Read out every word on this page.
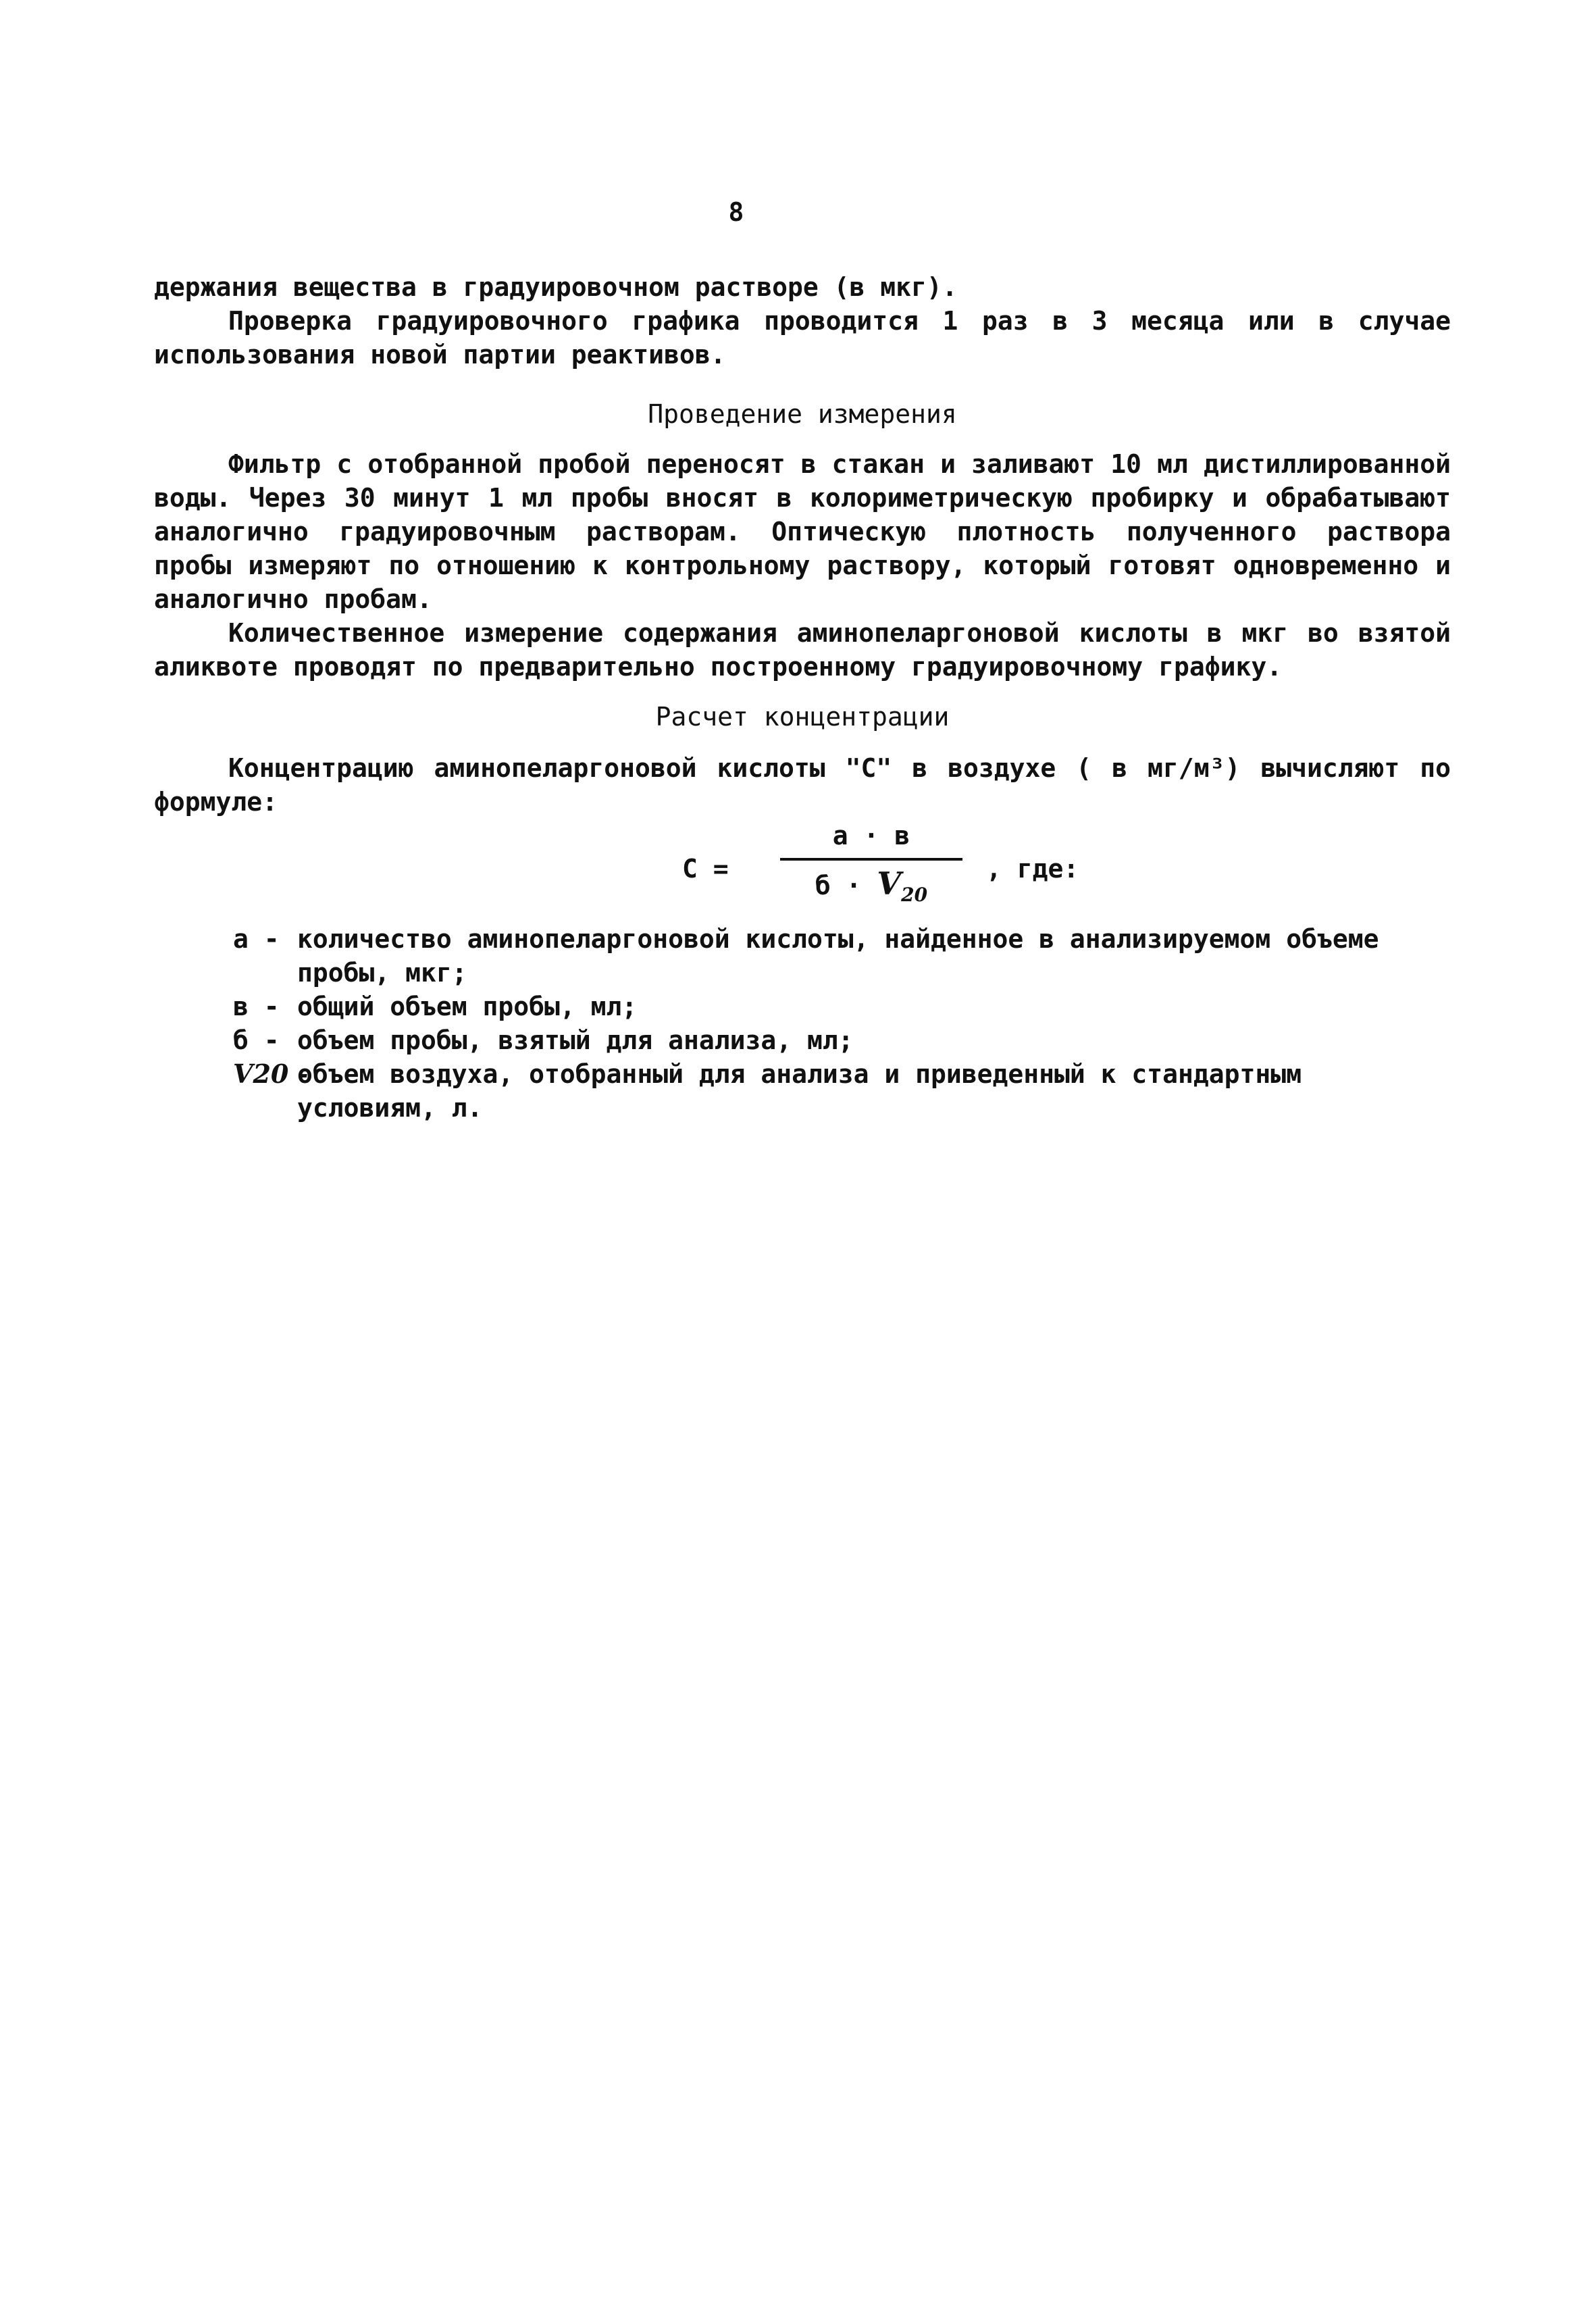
8

держания вещества в градуировочном растворе (в мкг).

Проверка градуировочного графика проводится 1 раз в 3 месяца или в случае использования новой партии реактивов.

Проведение измерения

Фильтр с отобранной пробой переносят в стакан и заливают 10 мл дистиллированной воды. Через 30 минут 1 мл пробы вносят в колориметрическую пробирку и обрабатывают аналогично градуировочным растворам. Оптическую плотность полученного раствора пробы измеряют по отношению к контрольному раствору, который готовят одновременно и аналогично пробам.

Количественное измерение содержания аминопеларгоновой кислоты в мкг во взятой аликвоте проводят по предварительно построенному градуировочному графику.

Расчет концентрации

Концентрацию аминопеларгоновой кислоты "С" в воздухе ( в мг/м³) вычисляют по формуле:

С =
а · в
$б \cdot V_{20}$
, где:
а - количество аминопеларгоновой кислоты, найденное в анализируемом объеме пробы, мкг;
в - общий объем пробы, мл;
б - объем пробы, взятый для анализа, мл;
V20 -
объем воздуха, отобранный для анализа и приведенный к стандартным условиям, л.
